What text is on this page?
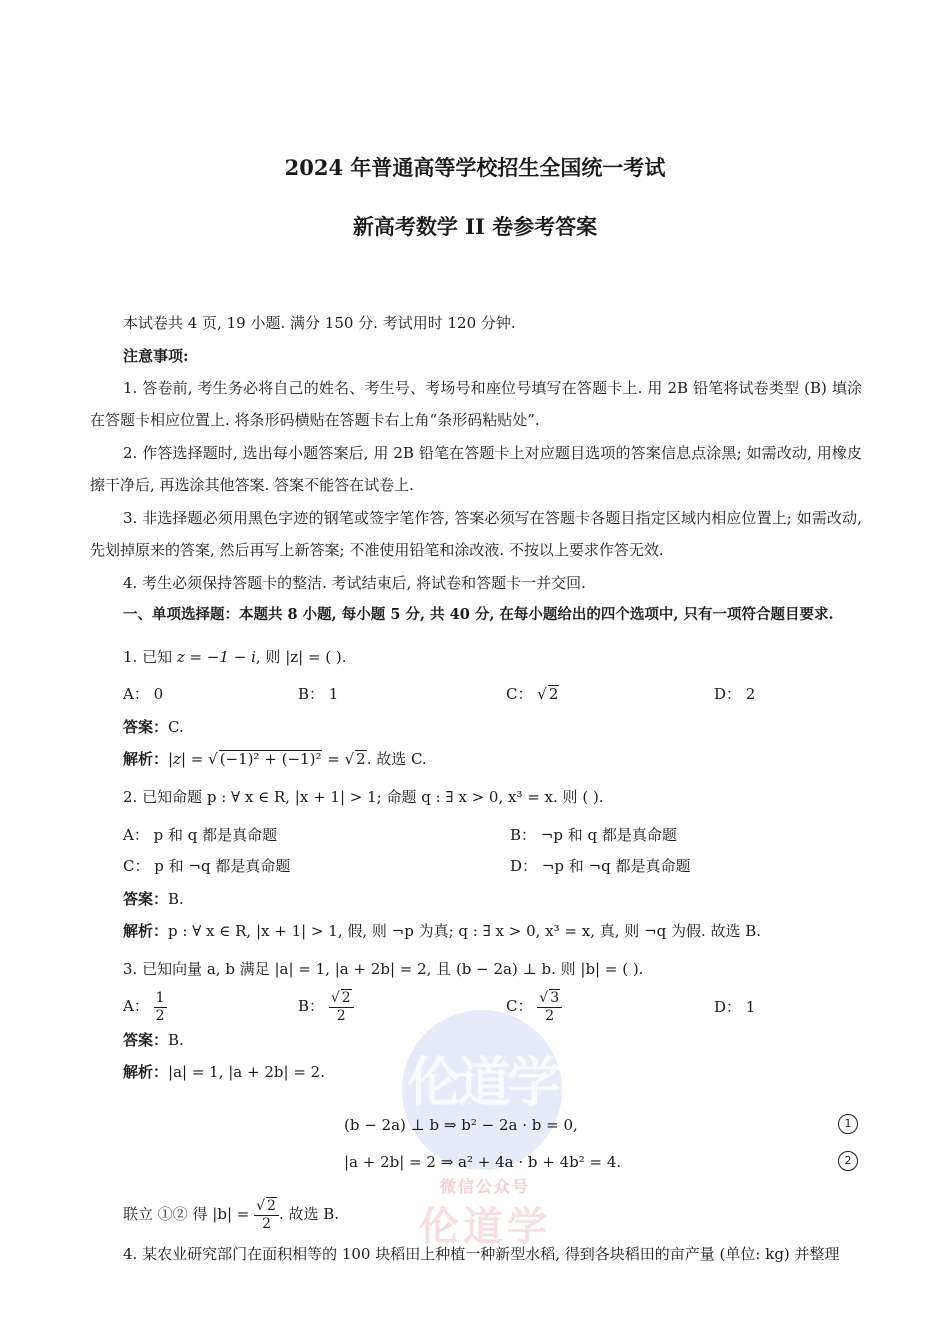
2024 年普通高等学校招生全国统一考试
新高考数学 II 卷参考答案
本试卷共 4 页, 19 小题. 满分 150 分. 考试用时 120 分钟.
注意事项:
1. 答卷前, 考生务必将自己的姓名、考生号、考场号和座位号填写在答题卡上. 用 2B 铅笔将试卷类型 (B) 填涂在答题卡相应位置上. 将条形码横贴在答题卡右上角“条形码粘贴处”.
2. 作答选择题时, 选出每小题答案后, 用 2B 铅笔在答题卡上对应题目选项的答案信息点涂黑; 如需改动, 用橡皮擦干净后, 再选涂其他答案. 答案不能答在试卷上.
3. 非选择题必须用黑色字迹的钢笔或签字笔作答, 答案必须写在答题卡各题目指定区域内相应位置上; 如需改动, 先划掉原来的答案, 然后再写上新答案; 不准使用铅笔和涂改液. 不按以上要求作答无效.
4. 考生必须保持答题卡的整洁. 考试结束后, 将试卷和答题卡一并交回.
一、单项选择题：本题共 8 小题, 每小题 5 分, 共 40 分, 在每小题给出的四个选项中, 只有一项符合题目要求.
1. 已知 z = −1 − i, 则 |z| = ( ).
A： 0	B： 1	C： √ 2	D： 2
答案：C.
解析：|z| = √ (−1)² + (−1)² = √ 2. 故选 C.
2. 已知命题 p : ∀ x ∈ R, |x + 1| > 1; 命题 q : ∃ x > 0, x³ = x. 则 ( ).
A： p 和 q 都是真命题	B： ¬p 和 q 都是真命题
C： p 和 ¬q 都是真命题	D： ¬p 和 ¬q 都是真命题
答案：B.
解析：p : ∀ x ∈ R, |x + 1| > 1, 假, 则 ¬p 为真; q : ∃ x > 0, x³ = x, 真, 则 ¬q 为假. 故选 B.
3. 已知向量 a, b 满足 |a| = 1, |a + 2b| = 2, 且 (b − 2a) ⊥ b. 则 |b| = ( ).
A： $\frac{1}{2}$	B： $\frac{√ 2}{2}$	C： $\frac{√ 3}{2}$	D： 1
答案：B.
伦道学
微信公众号
伦道学
解析：|a| = 1, |a + 2b| = 2.
(b − 2a) ⊥ b ⇒ b² − 2a · b = 0,	1
|a + 2b| = 2 ⇒ a² + 4a · b + 4b² = 4.	2
联立 ①② 得 $|b| = \frac{√ 2}{2}$ . 故选 B.
4. 某农业研究部门在面积相等的 100 块稻田上种植一种新型水稻, 得到各块稻田的亩产量 (单位: kg) 并整理
